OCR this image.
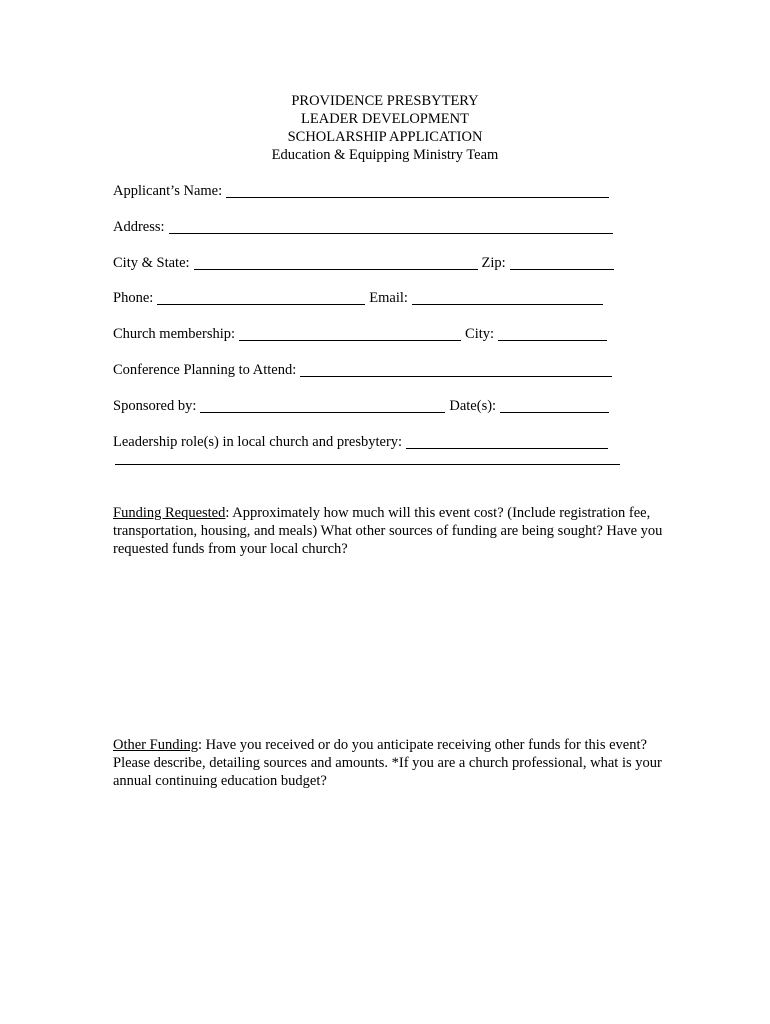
PROVIDENCE PRESBYTERY
LEADER DEVELOPMENT
SCHOLARSHIP APPLICATION
Education & Equipping Ministry Team
Applicant’s Name:
Address:
City & State:	Zip:
Phone:	Email:
Church membership:	City:
Conference Planning to Attend:
Sponsored by:	Date(s):
Leadership role(s) in local church and presbytery:
Funding Requested: Approximately how much will this event cost? (Include registration fee, transportation, housing, and meals) What other sources of funding are being sought? Have you requested funds from your local church?
Other Funding: Have you received or do you anticipate receiving other funds for this event? Please describe, detailing sources and amounts. *If you are a church professional, what is your annual continuing education budget?
